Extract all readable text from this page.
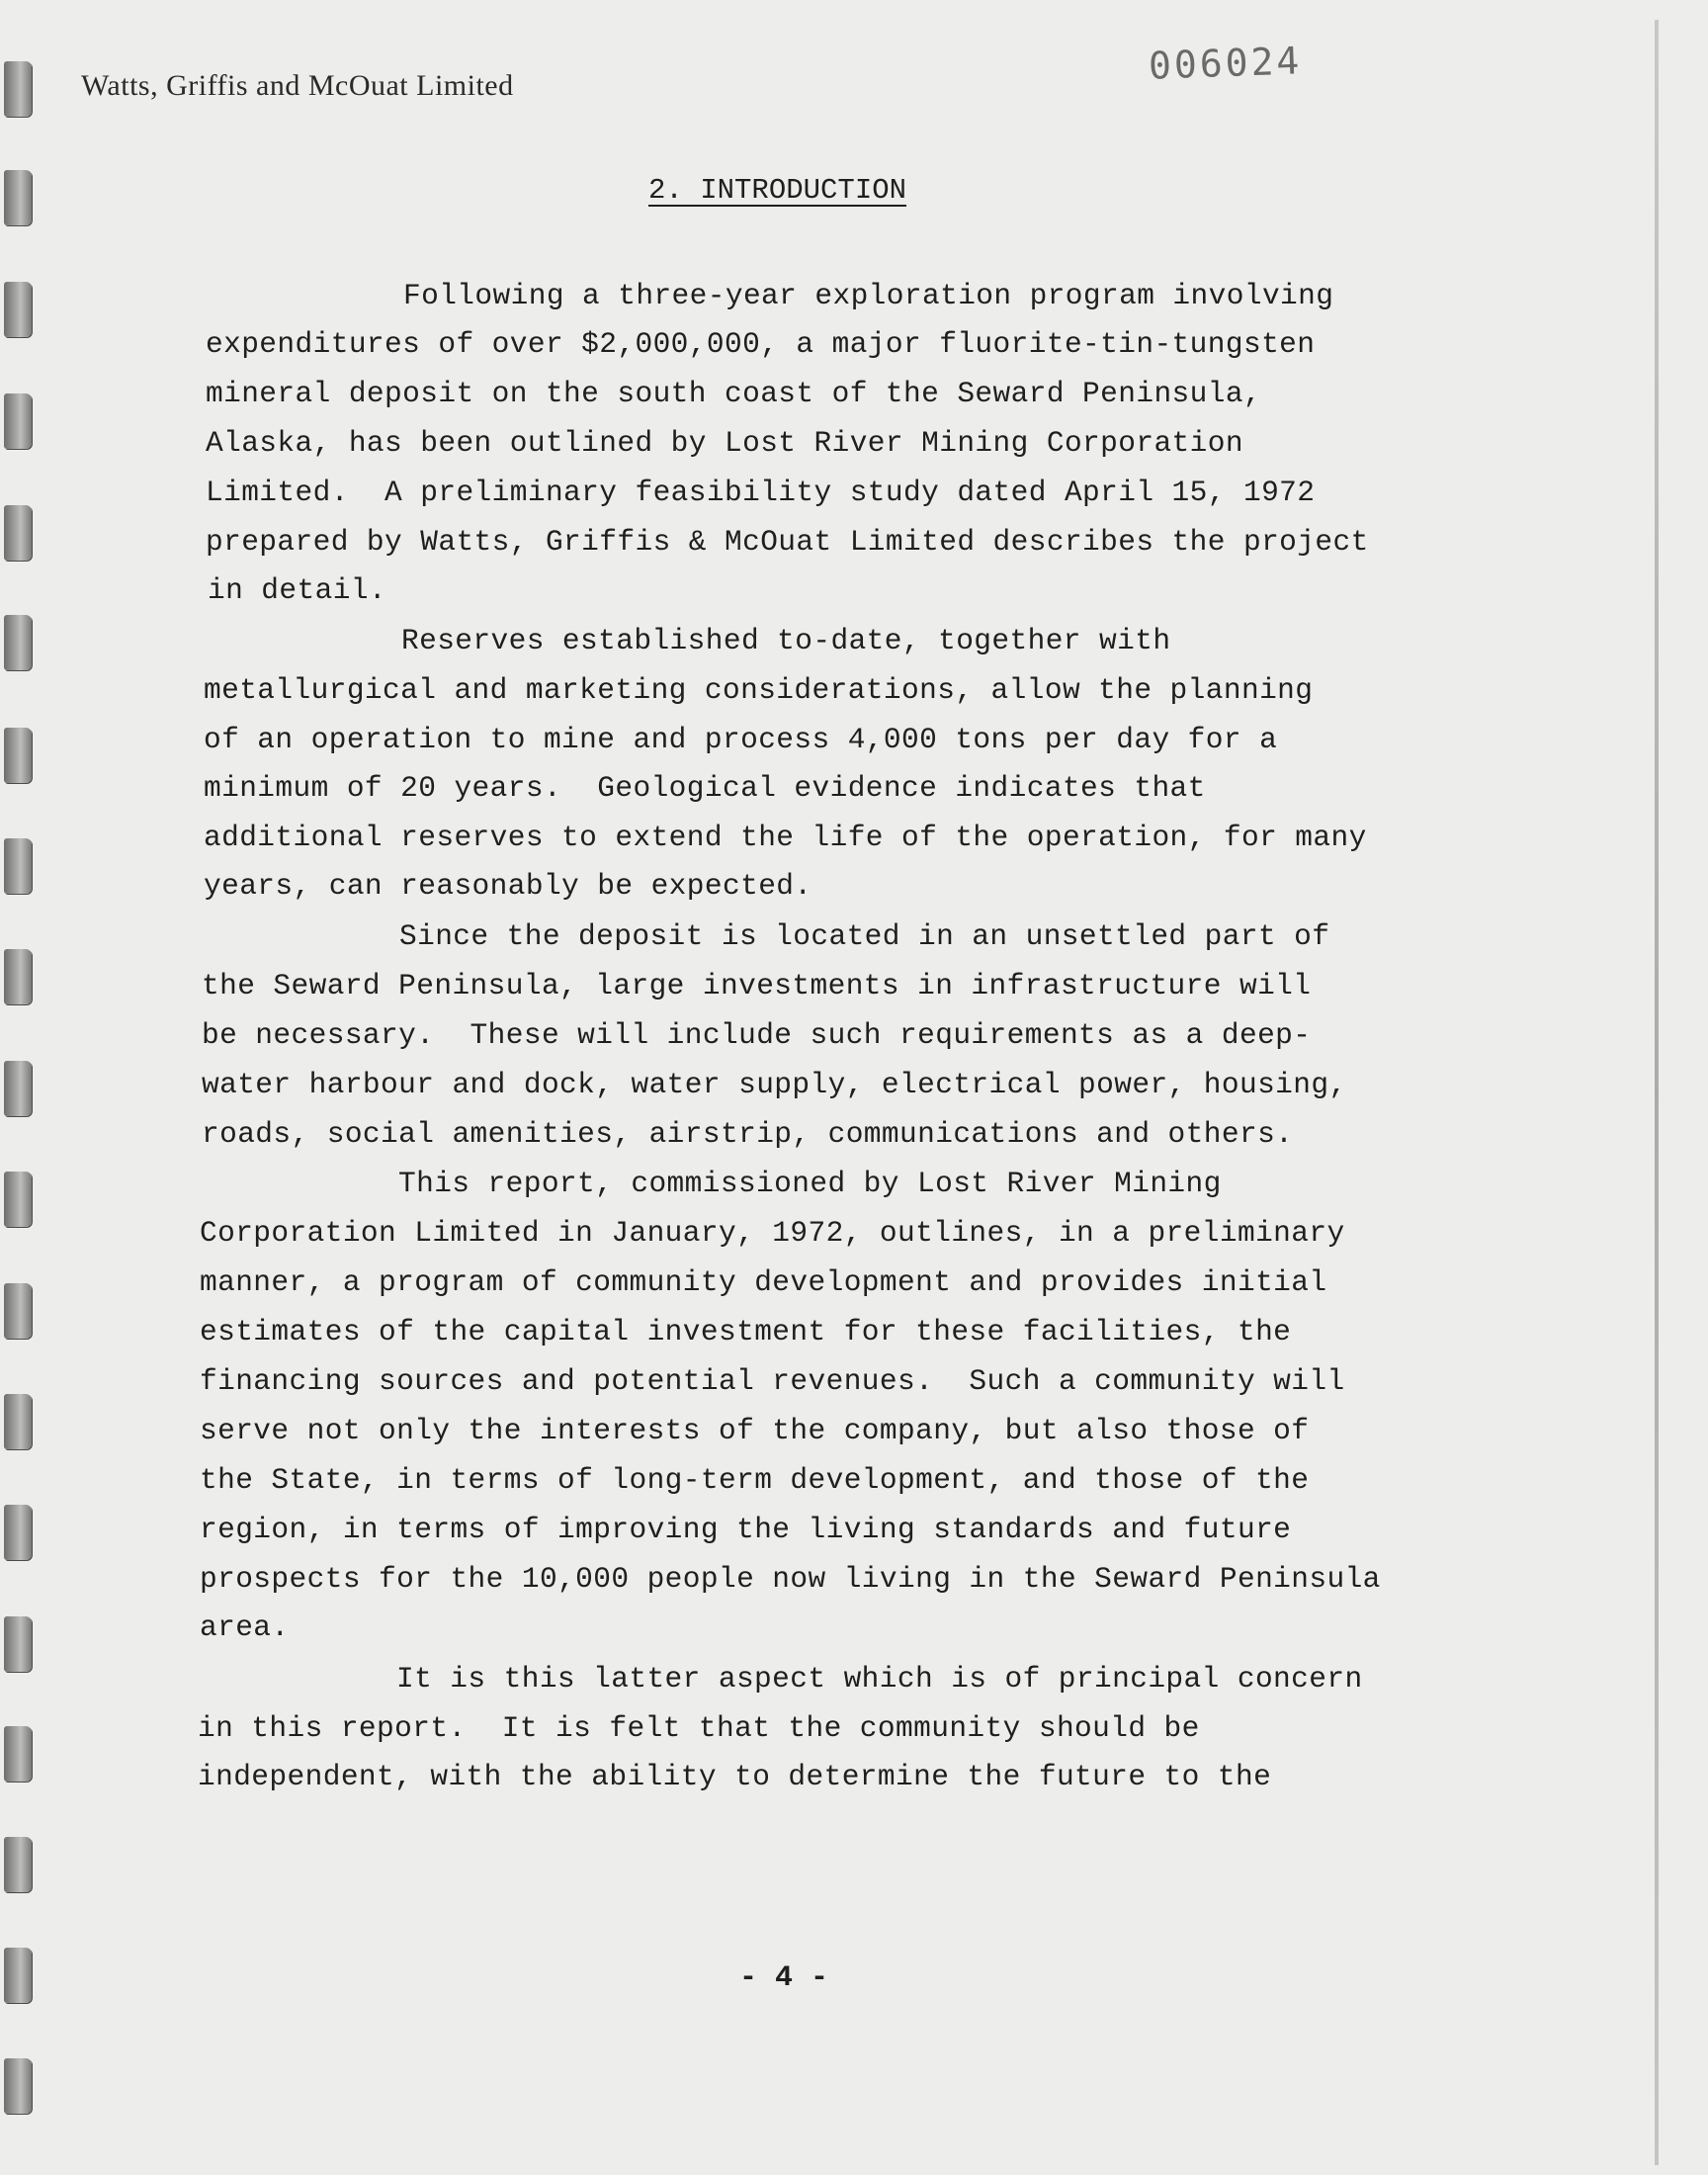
Watts, Griffis and McOuat Limited	006024
2. INTRODUCTION
Following a three-year exploration program involving
expenditures of over $2,000,000, a major fluorite-tin-tungsten
mineral deposit on the south coast of the Seward Peninsula,
Alaska, has been outlined by Lost River Mining Corporation
Limited.  A preliminary feasibility study dated April 15, 1972
prepared by Watts, Griffis & McOuat Limited describes the project
in detail.
Reserves established to-date, together with
metallurgical and marketing considerations, allow the planning
of an operation to mine and process 4,000 tons per day for a
minimum of 20 years.  Geological evidence indicates that
additional reserves to extend the life of the operation, for many
years, can reasonably be expected.
Since the deposit is located in an unsettled part of
the Seward Peninsula, large investments in infrastructure will
be necessary.  These will include such requirements as a deep-
water harbour and dock, water supply, electrical power, housing,
roads, social amenities, airstrip, communications and others.
This report, commissioned by Lost River Mining
Corporation Limited in January, 1972, outlines, in a preliminary
manner, a program of community development and provides initial
estimates of the capital investment for these facilities, the
financing sources and potential revenues.  Such a community will
serve not only the interests of the company, but also those of
the State, in terms of long-term development, and those of the
region, in terms of improving the living standards and future
prospects for the 10,000 people now living in the Seward Peninsula
area.
It is this latter aspect which is of principal concern
in this report.  It is felt that the community should be
independent, with the ability to determine the future to the
- 4 -
